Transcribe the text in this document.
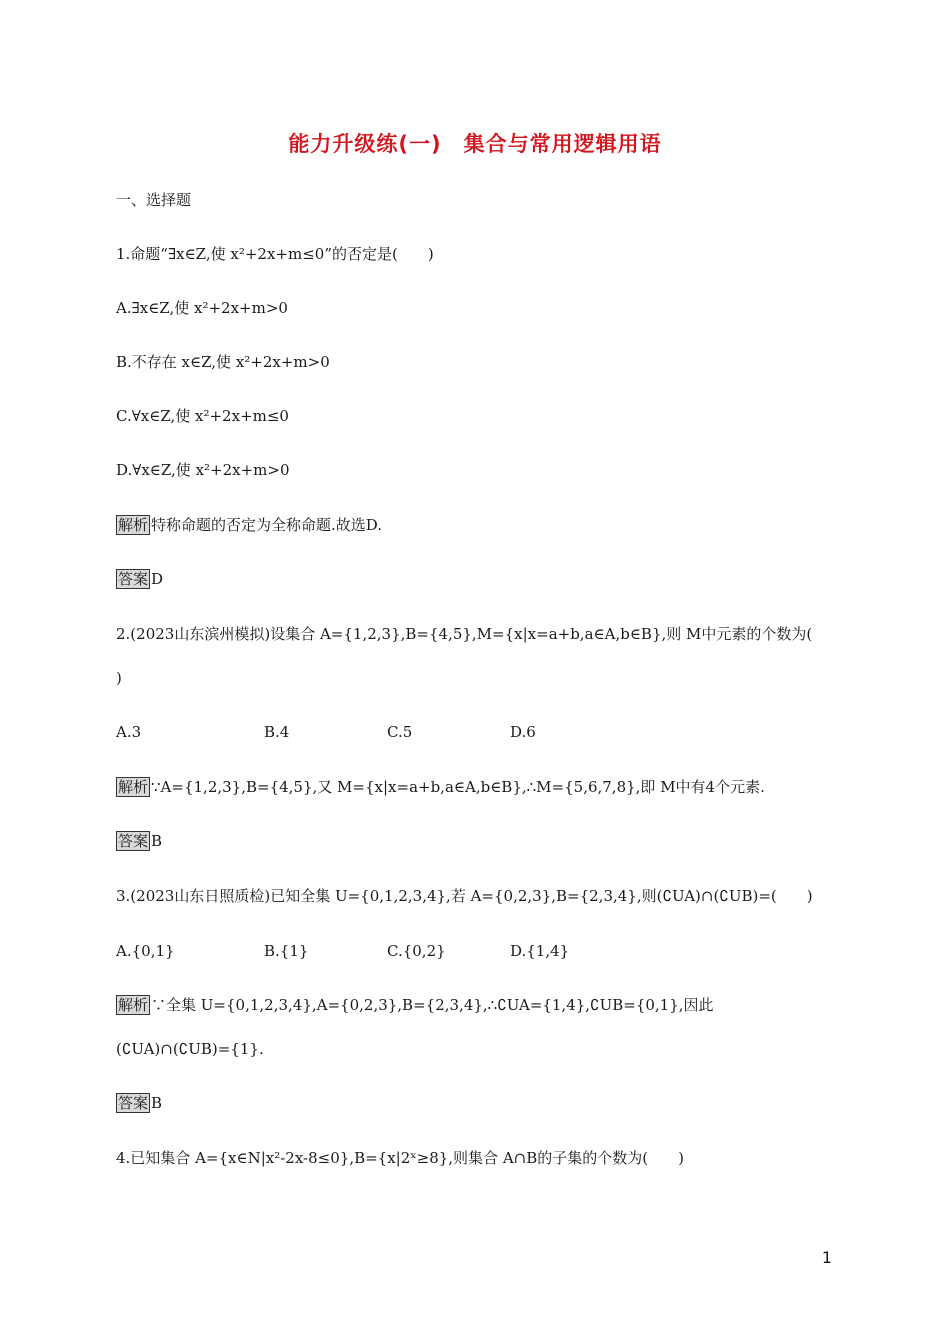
能力升级练(一)　集合与常用逻辑用语
一、选择题
1.命题“∃x∈Z,使 x²+2x+m≤0”的否定是(　　)
A.∃x∈Z,使 x²+2x+m>0
B.不存在 x∈Z,使 x²+2x+m>0
C.∀x∈Z,使 x²+2x+m≤0
D.∀x∈Z,使 x²+2x+m>0
解析 特称命题的否定为全称命题.故选D.
答案 D
2.(2023山东滨州模拟)设集合 A={1,2,3},B={4,5},M={x|x=a+b,a∈A,b∈B},则 M中元素的个数为(
)
A.3	B.4	C.5	D.6
解析 ∵A={1,2,3},B={4,5},又 M={x|x=a+b,a∈A,b∈B},∴M={5,6,7,8},即 M中有4个元素.
答案 B
3.(2023山东日照质检)已知全集 U={0,1,2,3,4},若 A={0,2,3},B={2,3,4},则(∁UA)∩(∁UB)=(　　)
A.{0,1}	B.{1}	C.{0,2}	D.{1,4}
解析 ∵全集 U={0,1,2,3,4},A={0,2,3},B={2,3,4},∴∁UA={1,4},∁UB={0,1},因此
(∁UA)∩(∁UB)={1}.
答案 B
4.已知集合 A={x∈N|x²-2x-8≤0},B={x|2ˣ≥8},则集合 A∩B的子集的个数为(　　)
1
